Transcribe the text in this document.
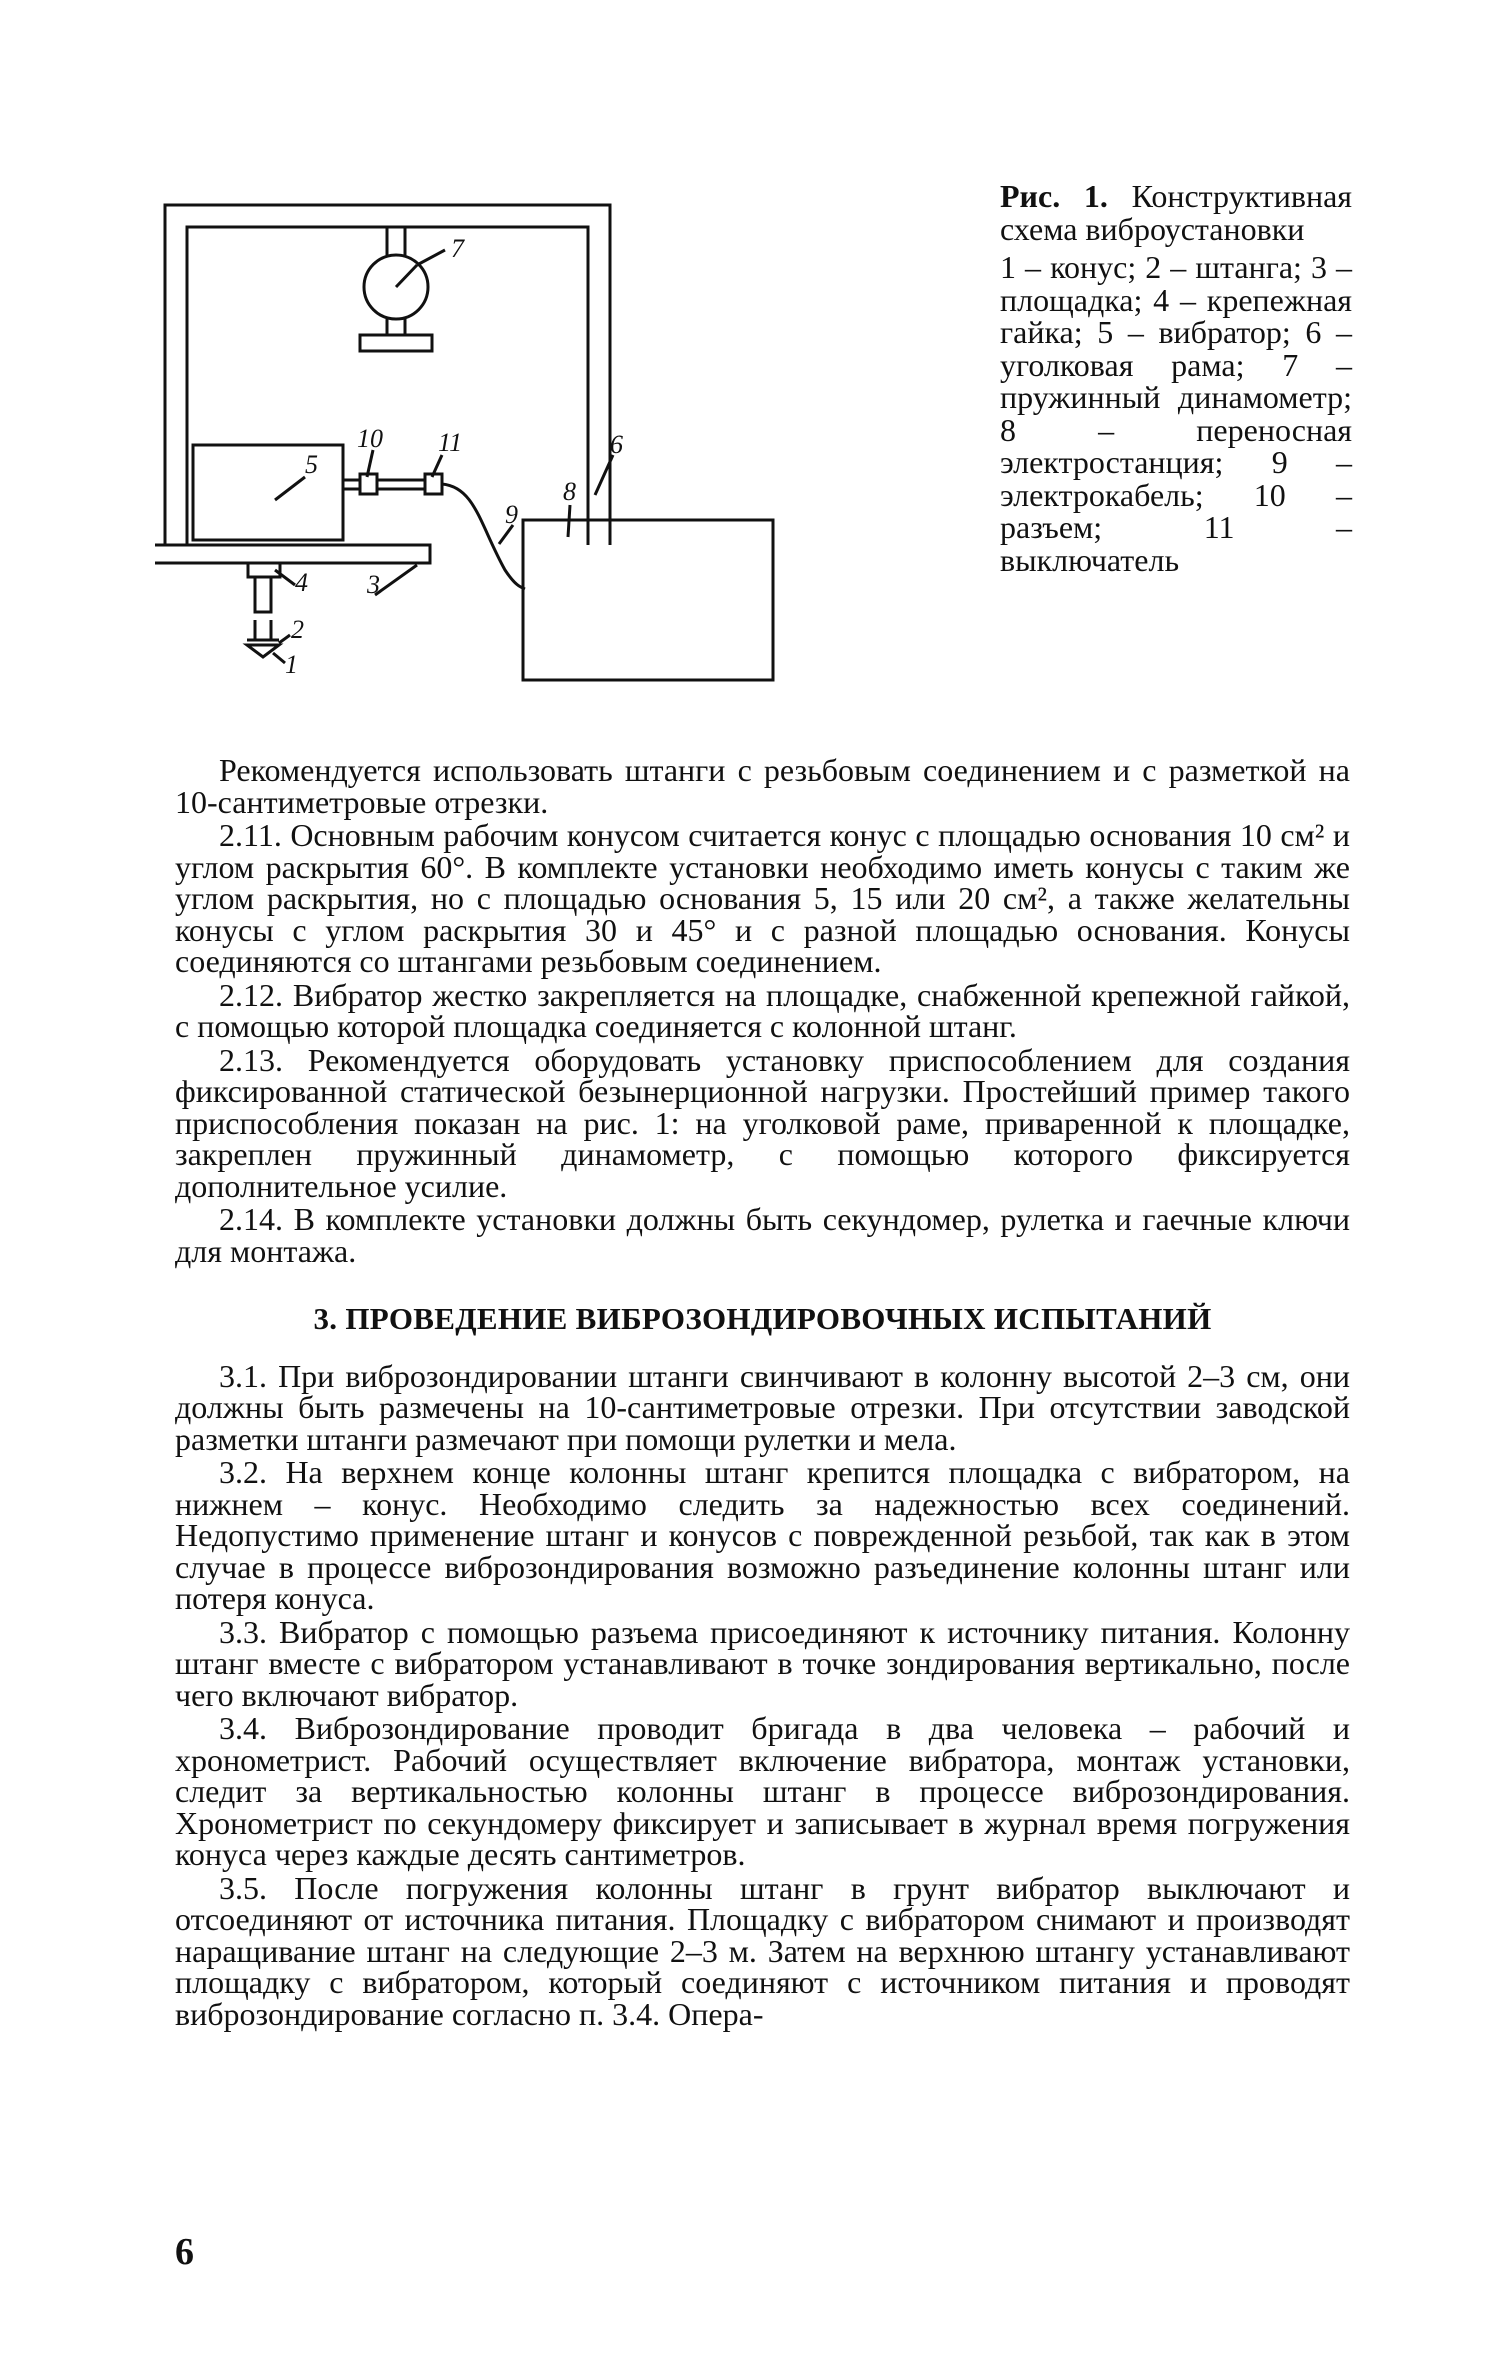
7
5
6
10 11
9
8
3
4
2
1

Рис. 1. Конструктивная схема виброустановки

1 – конус; 2 – штанга; 3 – площадка; 4 – крепежная гайка; 5 – вибратор; 6 – уголковая рама; 7 – пружинный динамометр; 8 – переносная электростанция; 9 – электрокабель; 10 – разъем; 11 – выключатель

Рекомендуется использовать штанги с резьбовым соединением и с разметкой на 10-сантиметровые отрезки.

2.11. Основным рабочим конусом считается конус с площадью основания 10 см² и углом раскрытия 60°. В комплекте установки необходимо иметь конусы с таким же углом раскрытия, но с площадью основания 5, 15 или 20 см², а также желательны конусы с углом раскрытия 30 и 45° и с разной площадью основания. Конусы соединяются со штангами резьбовым соединением.

2.12. Вибратор жестко закрепляется на площадке, снабженной крепежной гайкой, с помощью которой площадка соединяется с колонной штанг.

2.13. Рекомендуется оборудовать установку приспособлением для создания фиксированной статической безынерционной нагрузки. Простейший пример такого приспособления показан на рис. 1: на уголковой раме, приваренной к площадке, закреплен пружинный динамометр, с помощью которого фиксируется дополнительное усилие.

2.14. В комплекте установки должны быть секундомер, рулетка и гаечные ключи для монтажа.

3. ПРОВЕДЕНИЕ ВИБРОЗОНДИРОВОЧНЫХ ИСПЫТАНИЙ

3.1. При виброзондировании штанги свинчивают в колонну высотой 2–3 см, они должны быть размечены на 10-сантиметровые отрезки. При отсутствии заводской разметки штанги размечают при помощи рулетки и мела.

3.2. На верхнем конце колонны штанг крепится площадка с вибратором, на нижнем – конус. Необходимо следить за надежностью всех соединений. Недопустимо применение штанг и конусов с поврежденной резьбой, так как в этом случае в процессе виброзондирования возможно разъединение колонны штанг или потеря конуса.

3.3. Вибратор с помощью разъема присоединяют к источнику питания. Колонну штанг вместе с вибратором устанавливают в точке зондирования вертикально, после чего включают вибратор.

3.4. Виброзондирование проводит бригада в два человека – рабочий и хронометрист. Рабочий осуществляет включение вибратора, монтаж установки, следит за вертикальностью колонны штанг в процессе виброзондирования. Хронометрист по секундомеру фиксирует и записывает в журнал время погружения конуса через каждые десять сантиметров.

3.5. После погружения колонны штанг в грунт вибратор выключают и отсоединяют от источника питания. Площадку с вибратором снимают и производят наращивание штанг на следующие 2–3 м. Затем на верхнюю штангу устанавливают площадку с вибратором, который соединяют с источником питания и проводят виброзондирование согласно п. 3.4. Опера-

6
